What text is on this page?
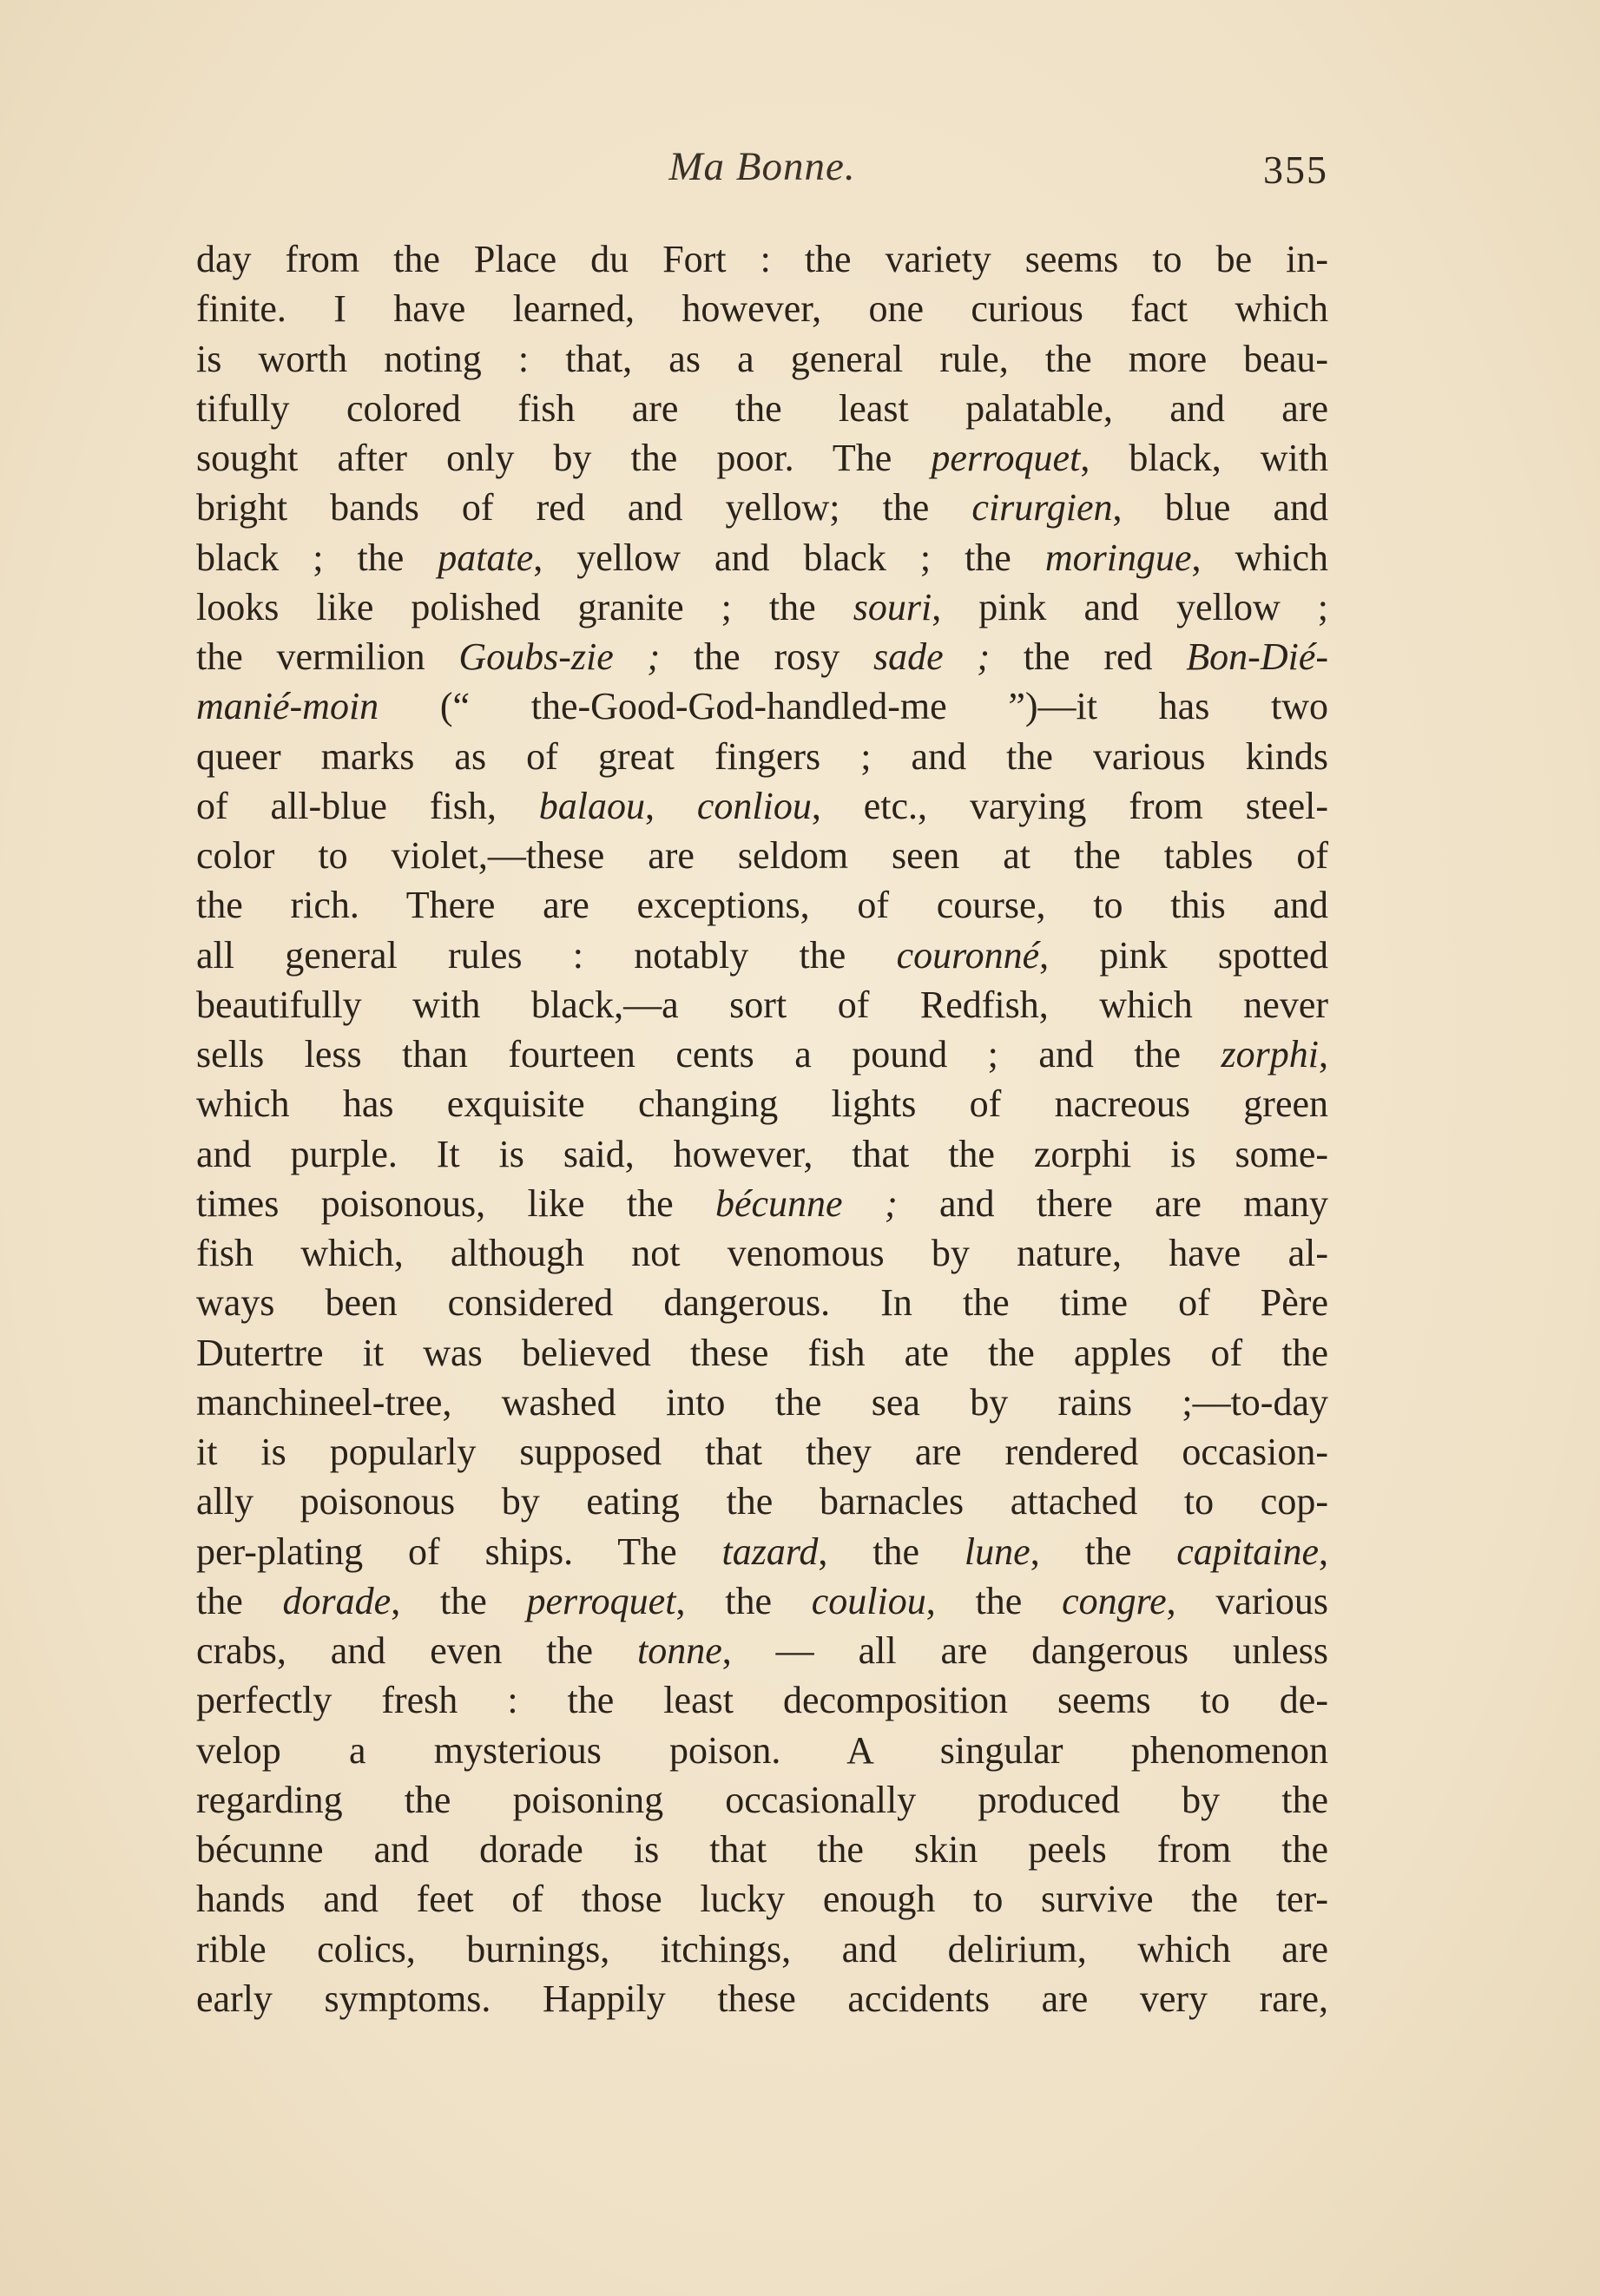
Ma Bonne.	355
day from the Place du Fort : the variety seems to be in-
finite. I have learned, however, one curious fact which
is worth noting : that, as a general rule, the more beau-
tifully colored fish are the least palatable, and are
sought after only by the poor. The perroquet, black, with
bright bands of red and yellow; the cirurgien, blue and
black ; the patate, yellow and black ; the moringue, which
looks like polished granite ; the souri, pink and yellow ;
the vermilion Goubs-zie ; the rosy sade ; the red Bon-Dié-
manié-moin (“ the-Good-God-handled-me ”)—it has two
queer marks as of great fingers ; and the various kinds
of all-blue fish, balaou, conliou, etc., varying from steel-
color to violet,—these are seldom seen at the tables of
the rich. There are exceptions, of course, to this and
all general rules : notably the couronné, pink spotted
beautifully with black,—a sort of Redfish, which never
sells less than fourteen cents a pound ; and the zorphi,
which has exquisite changing lights of nacreous green
and purple. It is said, however, that the zorphi is some-
times poisonous, like the bécunne ; and there are many
fish which, although not venomous by nature, have al-
ways been considered dangerous. In the time of Père
Dutertre it was believed these fish ate the apples of the
manchineel-tree, washed into the sea by rains ;—to-day
it is popularly supposed that they are rendered occasion-
ally poisonous by eating the barnacles attached to cop-
per-plating of ships. The tazard, the lune, the capitaine,
the dorade, the perroquet, the couliou, the congre, various
crabs, and even the tonne, — all are dangerous unless
perfectly fresh : the least decomposition seems to de-
velop a mysterious poison. A singular phenomenon
regarding the poisoning occasionally produced by the
bécunne and dorade is that the skin peels from the
hands and feet of those lucky enough to survive the ter-
rible colics, burnings, itchings, and delirium, which are
early symptoms. Happily these accidents are very rare,
